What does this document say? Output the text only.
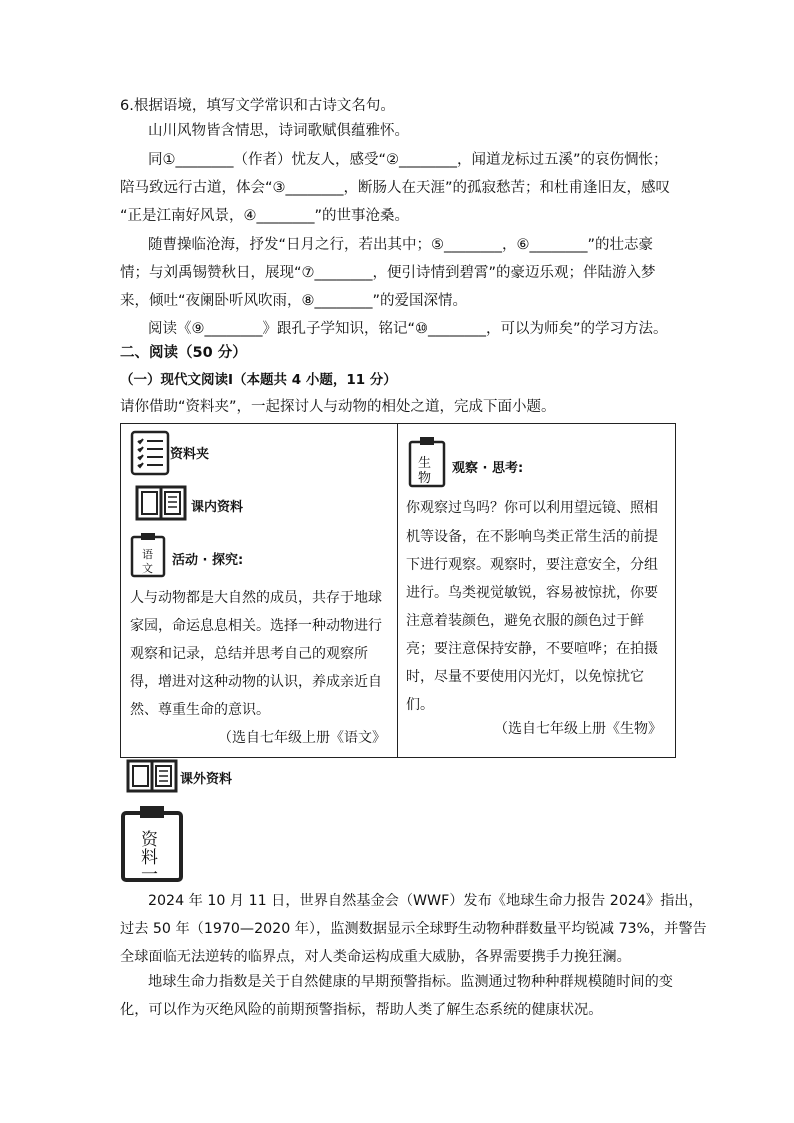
6.根据语境，填写文学常识和古诗文名句。
山川风物皆含情思，诗词歌赋俱蕴雅怀。
同①________（作者）忧友人，感受“②________，闻道龙标过五溪”的哀伤惆怅；
陪马致远行古道，体会“③________，断肠人在天涯”的孤寂愁苦；和杜甫逢旧友，感叹
“正是江南好风景，④________”的世事沧桑。
随曹操临沧海，抒发“日月之行，若出其中；⑤________，⑥________”的壮志豪
情；与刘禹锡赞秋日，展现“⑦________，便引诗情到碧霄”的豪迈乐观；伴陆游入梦
来，倾吐“夜阑卧听风吹雨，⑧________”的爱国深情。
阅读《⑨________》跟孔子学知识，铭记“⑩________，可以为师矣”的学习方法。
二、阅读（50 分）
（一）现代文阅读Ⅰ（本题共 4 小题，11 分）
请你借助“资料夹”，一起探讨人与动物的相处之道，完成下面小题。
资料夹
课内资料
语
文
活动 · 探究:
人与动物都是大自然的成员，共存于地球
家园，命运息息相关。选择一种动物进行
观察和记录，总结并思考自己的观察所
得，增进对这种动物的认识，养成亲近自
然、尊重生命的意识。
（选自七年级上册《语文》
生
物
观察 · 思考:
你观察过鸟吗？你可以利用望远镜、照相
机等设备，在不影响鸟类正常生活的前提
下进行观察。观察时，要注意安全，分组
进行。鸟类视觉敏锐，容易被惊扰，你要
注意着装颜色，避免衣服的颜色过于鲜
亮；要注意保持安静，不要喧哗；在拍摄
时，尽量不要使用闪光灯，以免惊扰它
们。
（选自七年级上册《生物》
课外资料
资
料
一
2024 年 10 月 11 日，世界自然基金会（WWF）发布《地球生命力报告 2024》指出，
过去 50 年（1970—2020 年），监测数据显示全球野生动物种群数量平均锐减 73%，并警告
全球面临无法逆转的临界点，对人类命运构成重大威胁，各界需要携手力挽狂澜。
地球生命力指数是关于自然健康的早期预警指标。监测通过物种种群规模随时间的变
化，可以作为灭绝风险的前期预警指标，帮助人类了解生态系统的健康状况。
